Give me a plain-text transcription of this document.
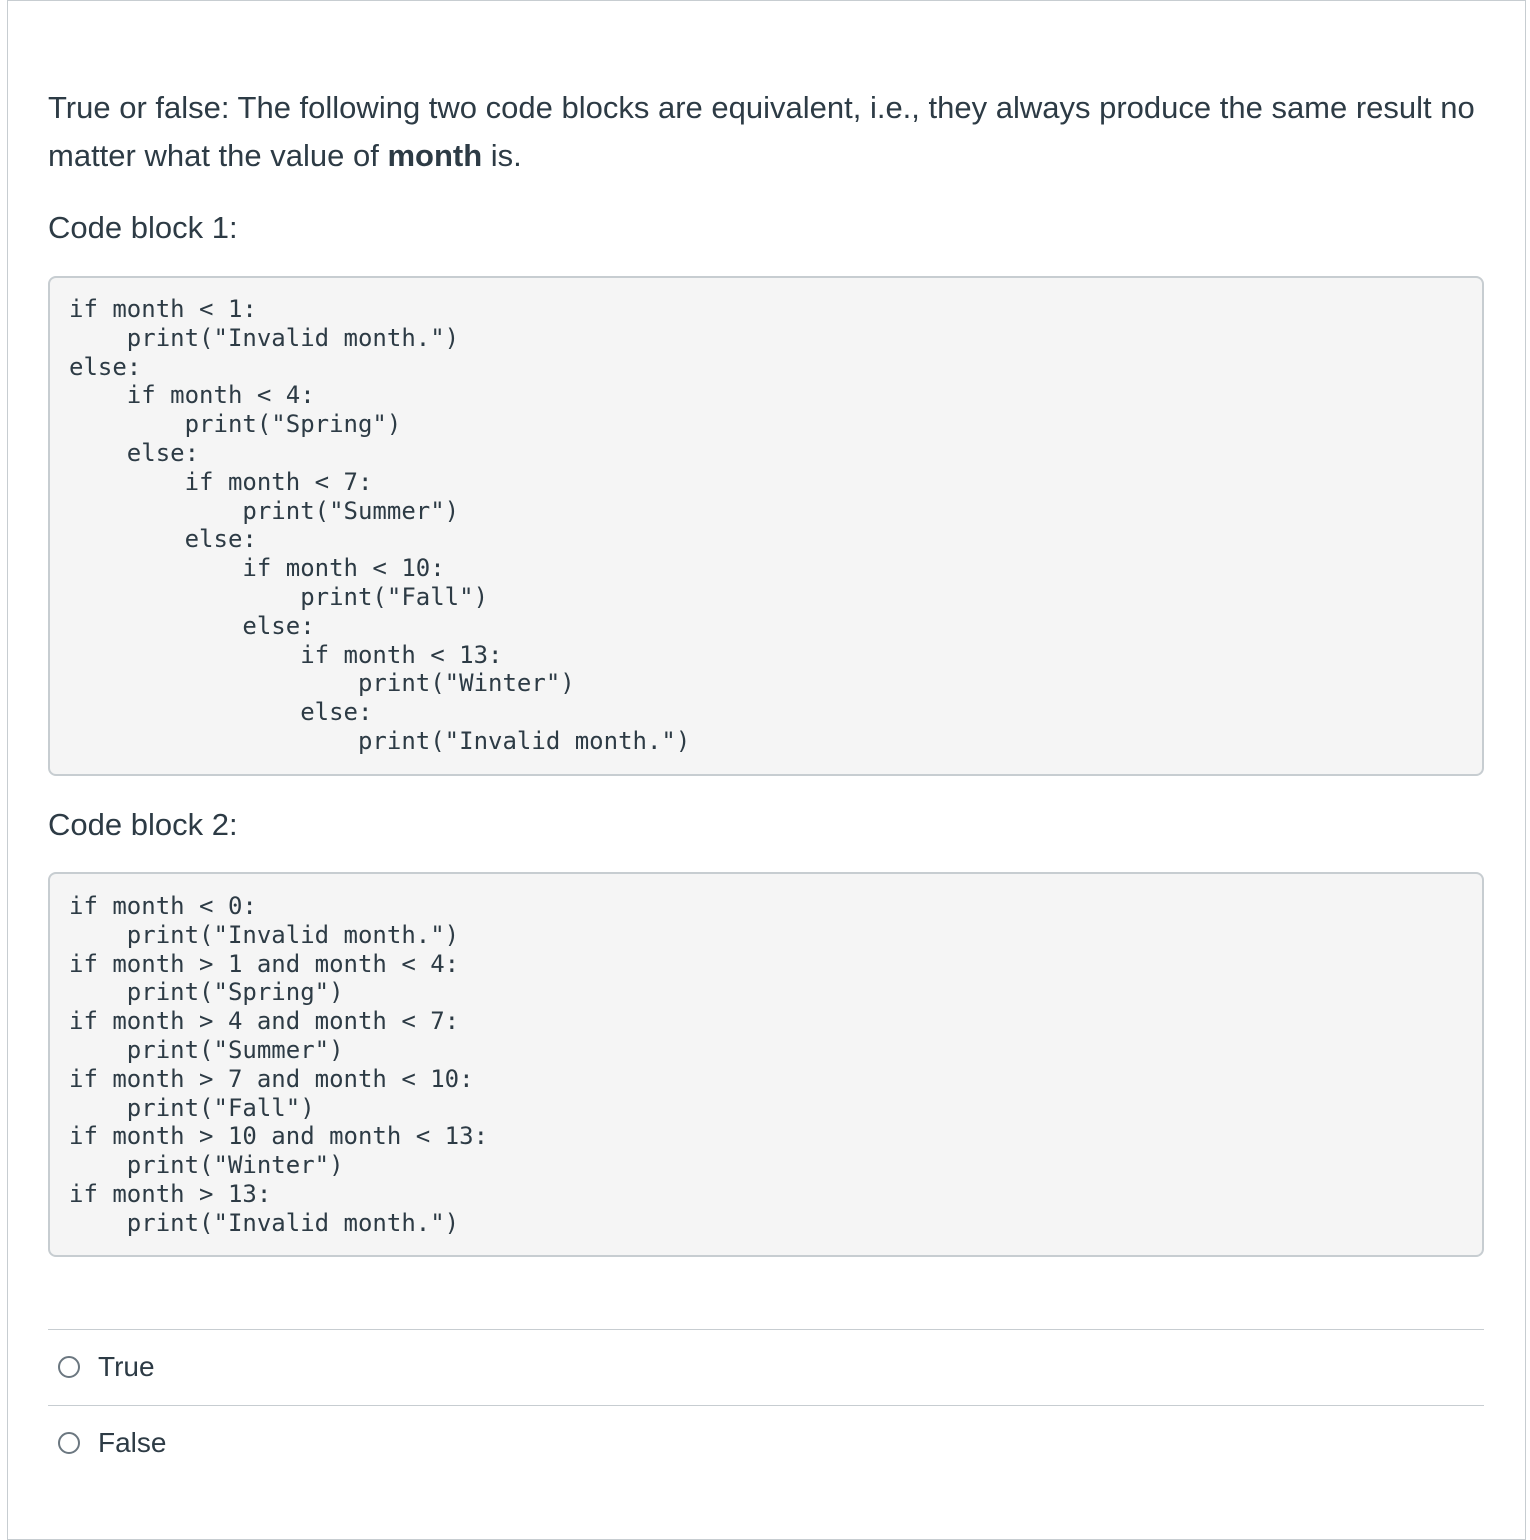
True or false: The following two code blocks are equivalent, i.e., they always produce the same result no matter what the value of month is.
Code block 1:
if month < 1:
print("Invalid month.")
else:
if month < 4:
print("Spring")
else:
if month < 7:
print("Summer")
else:
if month < 10:
print("Fall")
else:
if month < 13:
print("Winter")
else:
print("Invalid month.")
Code block 2:
if month < 0:
print("Invalid month.")
if month > 1 and month < 4:
print("Spring")
if month > 4 and month < 7:
print("Summer")
if month > 7 and month < 10:
print("Fall")
if month > 10 and month < 13:
print("Winter")
if month > 13:
print("Invalid month.")
True
False
